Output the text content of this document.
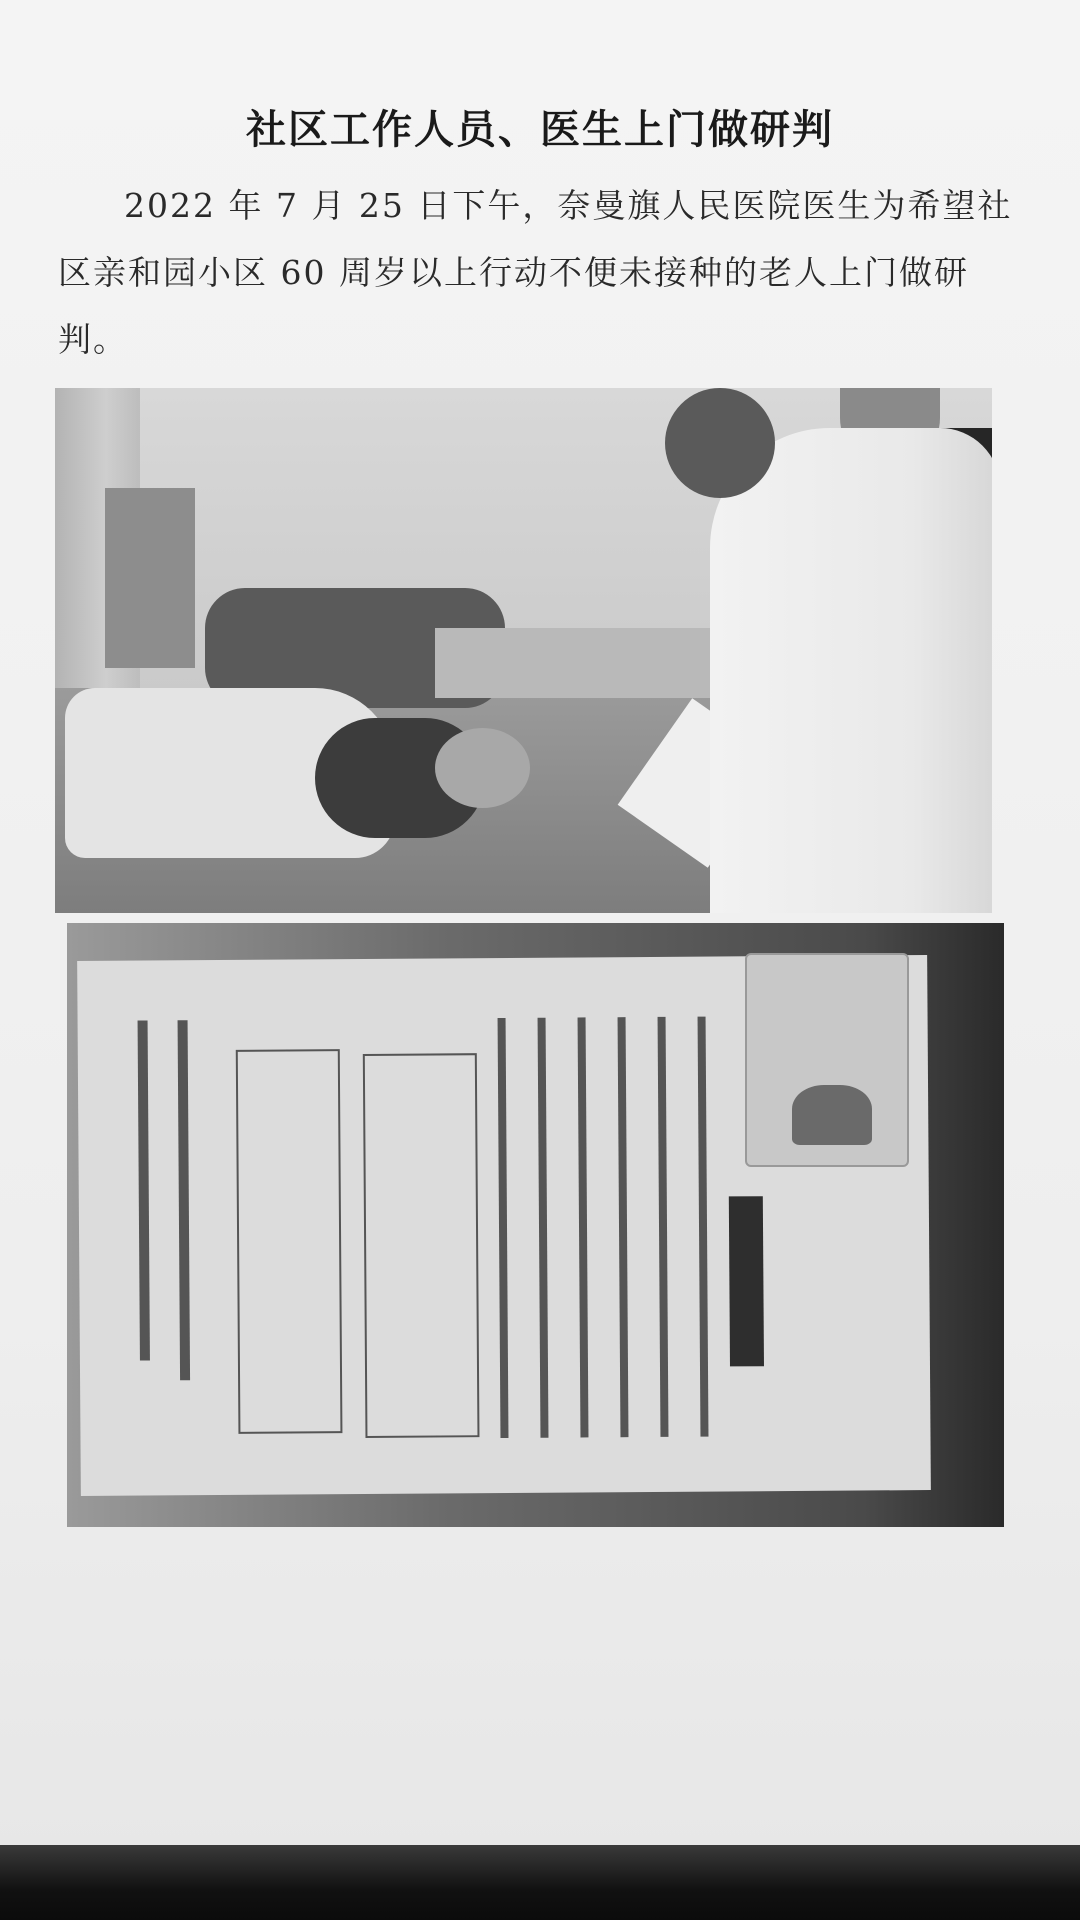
社区工作人员、医生上门做研判
2022 年 7 月 25 日下午，奈曼旗人民医院医生为希望社区亲和园小区 60 周岁以上行动不便未接种的老人上门做研判。
